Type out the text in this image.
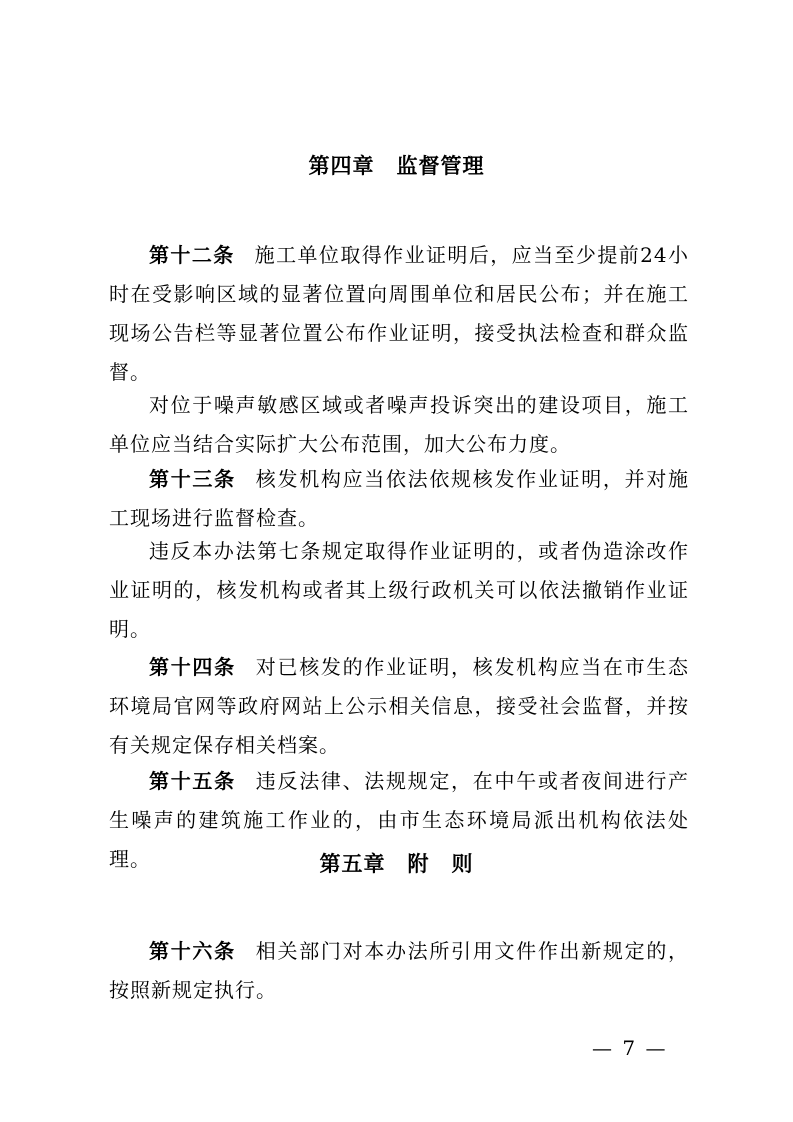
第四章　监督管理

第十二条 施工单位取得作业证明后，应当至少提前24小时在受影响区域的显著位置向周围单位和居民公布；并在施工现场公告栏等显著位置公布作业证明，接受执法检查和群众监督。

对位于噪声敏感区域或者噪声投诉突出的建设项目，施工单位应当结合实际扩大公布范围，加大公布力度。

第十三条 核发机构应当依法依规核发作业证明，并对施工现场进行监督检查。

违反本办法第七条规定取得作业证明的，或者伪造涂改作业证明的，核发机构或者其上级行政机关可以依法撤销作业证明。

第十四条 对已核发的作业证明，核发机构应当在市生态环境局官网等政府网站上公示相关信息，接受社会监督，并按有关规定保存相关档案。

第十五条 违反法律、法规规定，在中午或者夜间进行产生噪声的建筑施工作业的，由市生态环境局派出机构依法处理。	第五章　附　则

第十六条 相关部门对本办法所引用文件作出新规定的，按照新规定执行。

— 7 —
